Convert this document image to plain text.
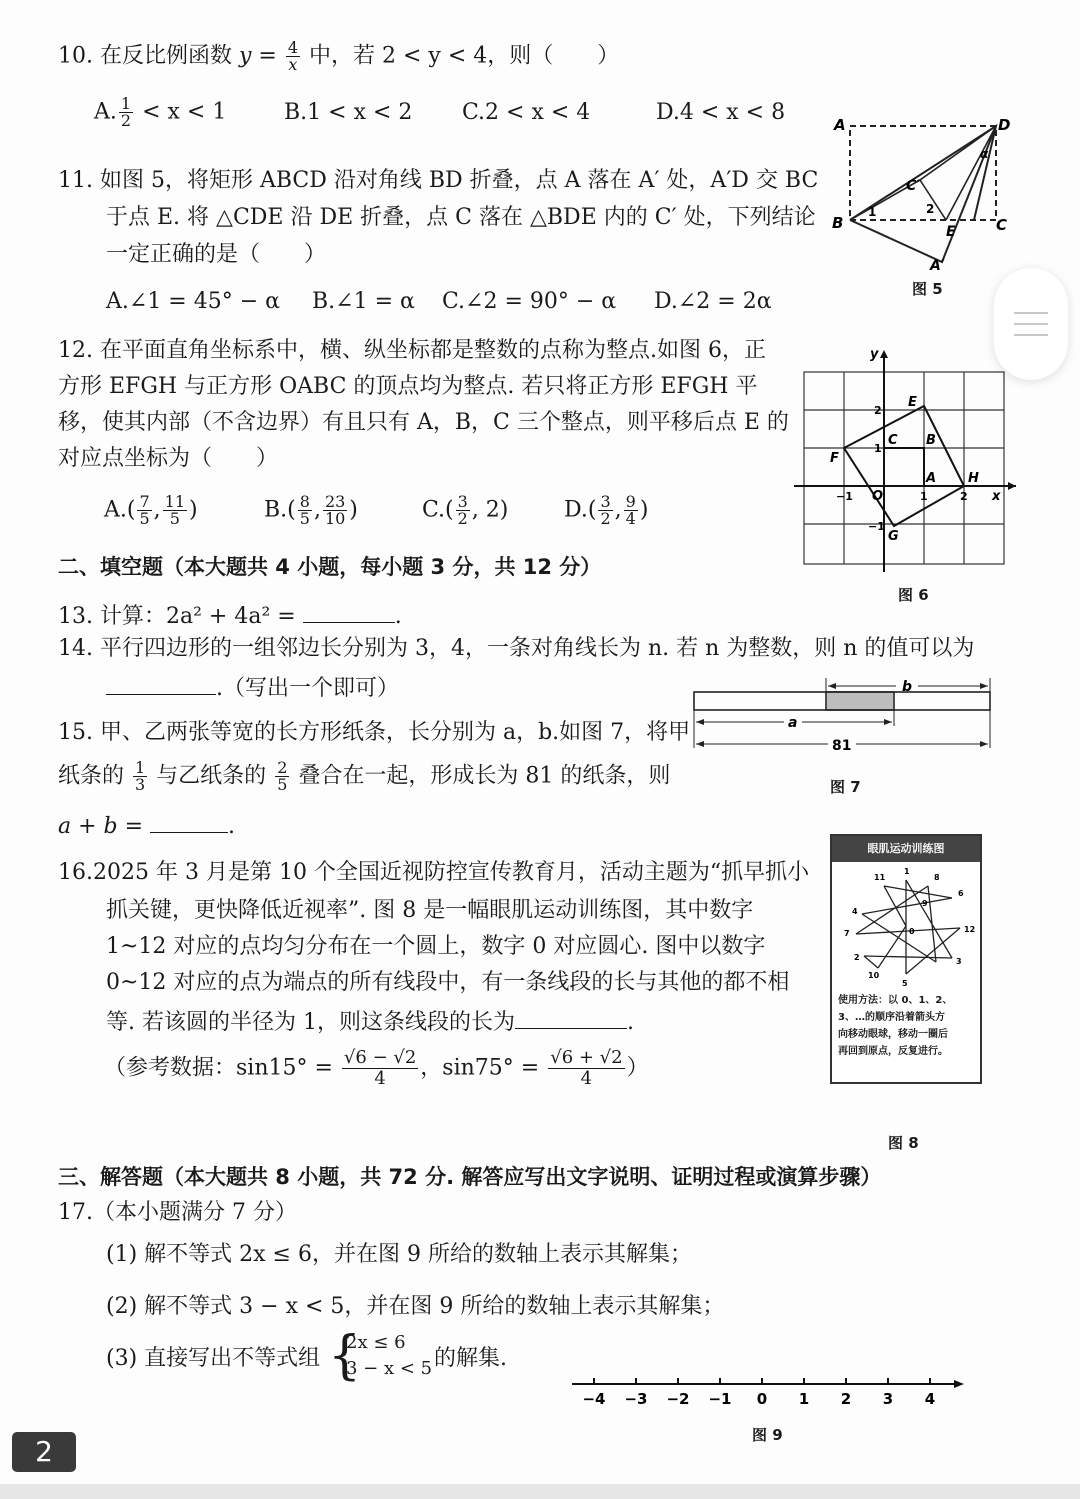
10. 在反比例函数 $y = \frac{4}{x}$ 中，若 2 < y < 4，则（　　）
A. $\frac{1}{2} < x < 1$	B.1 < x < 2 C.2 < x < 4	D.4 < x < 8
11. 如图 5，将矩形 ABCD 沿对角线 BD 折叠，点 A 落在 A′ 处，A′D 交 BC
于点 E. 将 △CDE 沿 DE 折叠，点 C 落在 △BDE 内的 C′ 处，下列结论
一定正确的是（　　）
A.∠1 = 45° − α B.∠1 = α C.∠2 = 90° − α D.∠2 = 2α
A	D
B	C
E
C′
A′
1	2
α
图 5
12. 在平面直角坐标系中，横、纵坐标都是整数的点称为整点.如图 6，正
方形 EFGH 与正方形 OABC 的顶点均为整点. 若只将正方形 EFGH 平
移，使其内部（不含边界）有且只有 A，B，C 三个整点，则平移后点 E 的
对应点坐标为（　　）
$A.( \frac{7}{5}$ , $\frac{11}{5}$ )	$B.( \frac{8}{5}$ , $\frac{23}{10}$ )	$C.( \frac{3}{2}$ , 2)	$D.( \frac{3}{2}$ , $\frac{9}{4}$ )
x
y
O
A
B
C
E
F
G
H
2
1
−1
−1	1	2
图 6
二、填空题（本大题共 4 小题，每小题 3 分，共 12 分）
13. 计算：2a² + 4a² =	.
14. 平行四边形的一组邻边长分别为 3，4，一条对角线长为 n. 若 n 为整数，则 n 的值可以为
.（写出一个即可）
15. 甲、乙两张等宽的长方形纸条，长分别为 a，b.如图 7，将甲
纸条的 $\frac{1}{3}$ 与乙纸条的 $\frac{2}{5}$ 叠合在一起，形成长为 81 的纸条，则
a + b =	.
b
a
81
图 7
16.2025 年 3 月是第 10 个全国近视防控宣传教育月，活动主题为“抓早抓小
抓关键，更快降低近视率”. 图 8 是一幅眼肌运动训练图，其中数字
1~12 对应的点均匀分布在一个圆上，数字 0 对应圆心. 图中以数字
0~12 对应的点为端点的所有线段中，有一条线段的长与其他的都不相
等. 若该圆的半径为 1，则这条线段的长为	.
（参考数据：$\sin 15^\circ = \frac{√6 - √2}{4}$ ，$\sin 75^\circ = \frac{√6 + √2}{4}$ ）
眼肌运动训练图
11
1
8
6
12
3
5
10
2
7
4
9
0
使用方法：以 0、1、2、
3、…的顺序沿着箭头方
向移动眼球，移动一圈后
再回到原点，反复进行。
图 8
三、解答题（本大题共 8 小题，共 72 分. 解答应写出文字说明、证明过程或演算步骤）
17.（本小题满分 7 分）
(1) 解不等式 2x ≤ 6，并在图 9 所给的数轴上表示其解集；
(2) 解不等式 3 − x < 5，并在图 9 所给的数轴上表示其解集；
(3) 直接写出不等式组 {
2x ≤ 6
3 − x < 5 的解集.
−4 −3 −2 −1 0 1 2 3 4
图 9
2
